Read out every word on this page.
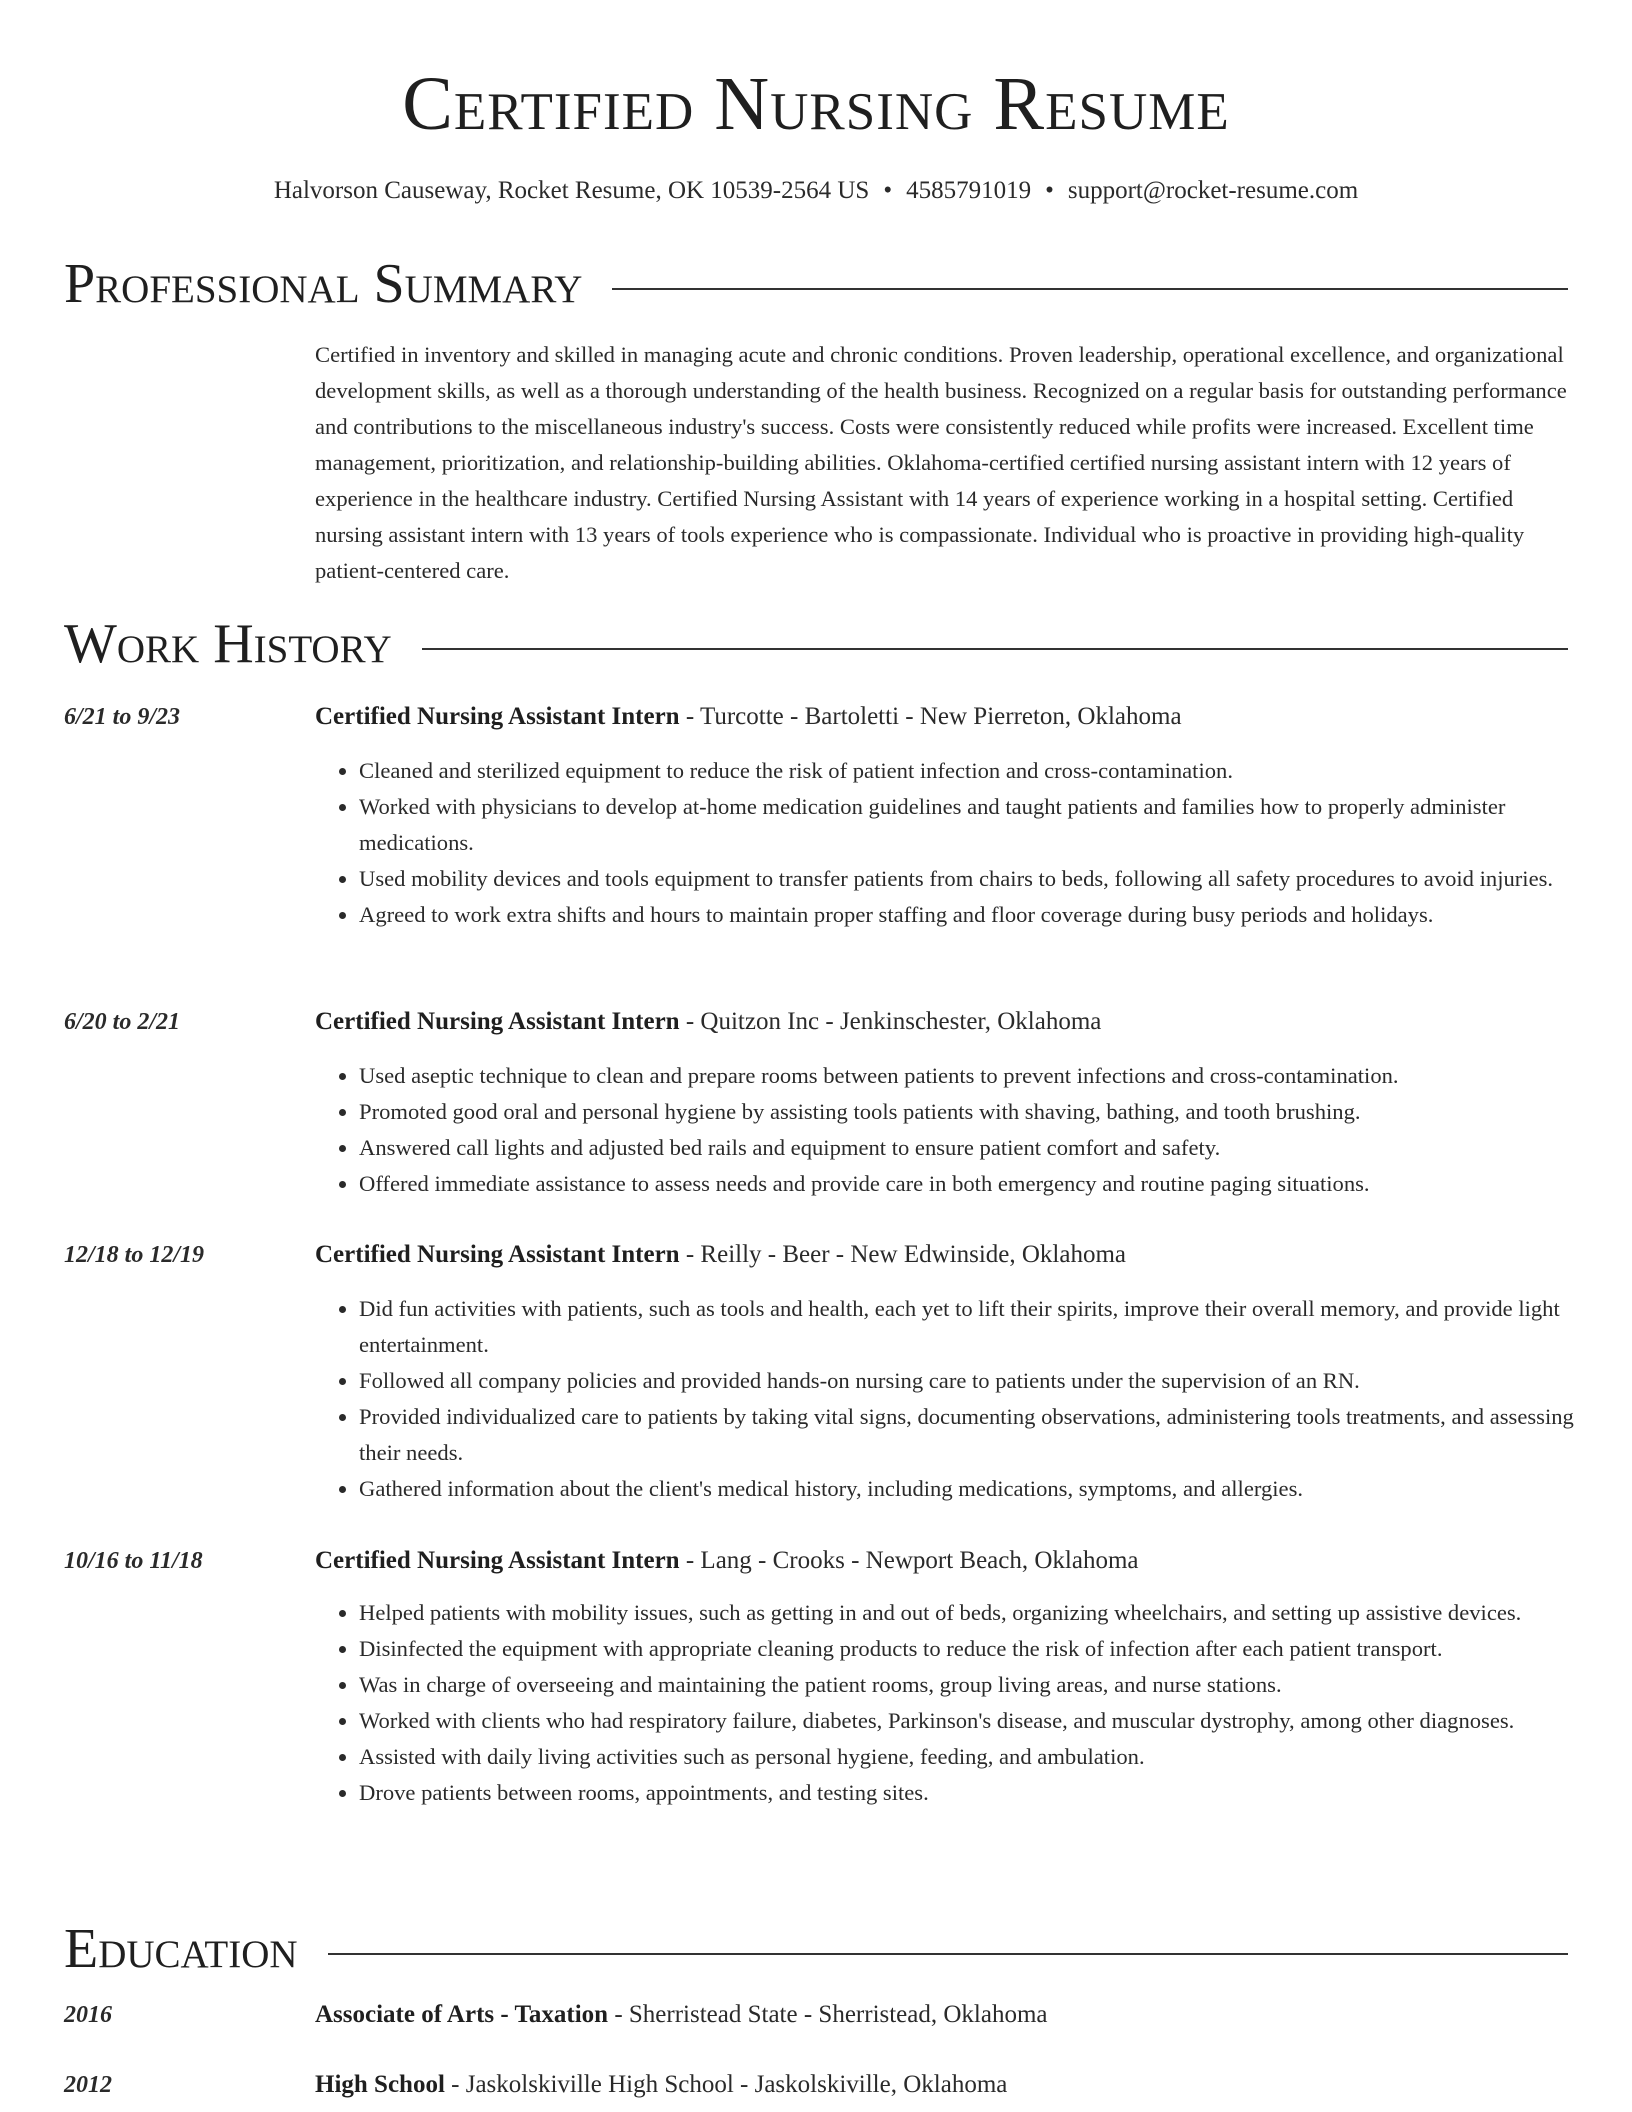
Certified Nursing Resume
Halvorson Causeway, Rocket Resume, OK 10539-2564 US • 4585791019 • support@rocket-resume.com
Professional Summary

Certified in inventory and skilled in managing acute and chronic conditions. Proven leadership, operational excellence, and organizational development skills, as well as a thorough understanding of the health business. Recognized on a regular basis for outstanding performance and contributions to the miscellaneous industry's success. Costs were consistently reduced while profits were increased. Excellent time management, prioritization, and relationship-building abilities. Oklahoma-certified certified nursing assistant intern with 12 years of experience in the healthcare industry. Certified Nursing Assistant with 14 years of experience working in a hospital setting. Certified nursing assistant intern with 13 years of tools experience who is compassionate. Individual who is proactive in providing high-quality patient-centered care.

Work History
6/21 to 9/23	Certified Nursing Assistant Intern - Turcotte - Bartoletti - New Pierreton, Oklahoma
• Cleaned and sterilized equipment to reduce the risk of patient infection and cross-contamination.
• Worked with physicians to develop at-home medication guidelines and taught patients and families how to properly administer medications.
• Used mobility devices and tools equipment to transfer patients from chairs to beds, following all safety procedures to avoid injuries.
• Agreed to work extra shifts and hours to maintain proper staffing and floor coverage during busy periods and holidays.
6/20 to 2/21	Certified Nursing Assistant Intern - Quitzon Inc - Jenkinschester, Oklahoma
• Used aseptic technique to clean and prepare rooms between patients to prevent infections and cross-contamination.
• Promoted good oral and personal hygiene by assisting tools patients with shaving, bathing, and tooth brushing.
• Answered call lights and adjusted bed rails and equipment to ensure patient comfort and safety.
• Offered immediate assistance to assess needs and provide care in both emergency and routine paging situations.
12/18 to 12/19	Certified Nursing Assistant Intern - Reilly - Beer - New Edwinside, Oklahoma
• Did fun activities with patients, such as tools and health, each yet to lift their spirits, improve their overall memory, and provide light entertainment.
• Followed all company policies and provided hands-on nursing care to patients under the supervision of an RN.
• Provided individualized care to patients by taking vital signs, documenting observations, administering tools treatments, and assessing their needs.
• Gathered information about the client's medical history, including medications, symptoms, and allergies.
10/16 to 11/18	Certified Nursing Assistant Intern - Lang - Crooks - Newport Beach, Oklahoma
• Helped patients with mobility issues, such as getting in and out of beds, organizing wheelchairs, and setting up assistive devices.
• Disinfected the equipment with appropriate cleaning products to reduce the risk of infection after each patient transport.
• Was in charge of overseeing and maintaining the patient rooms, group living areas, and nurse stations.
• Worked with clients who had respiratory failure, diabetes, Parkinson's disease, and muscular dystrophy, among other diagnoses.
• Assisted with daily living activities such as personal hygiene, feeding, and ambulation.
• Drove patients between rooms, appointments, and testing sites.
Education
2016	Associate of Arts - Taxation - Sherristead State - Sherristead, Oklahoma
2012	High School - Jaskolskiville High School - Jaskolskiville, Oklahoma
